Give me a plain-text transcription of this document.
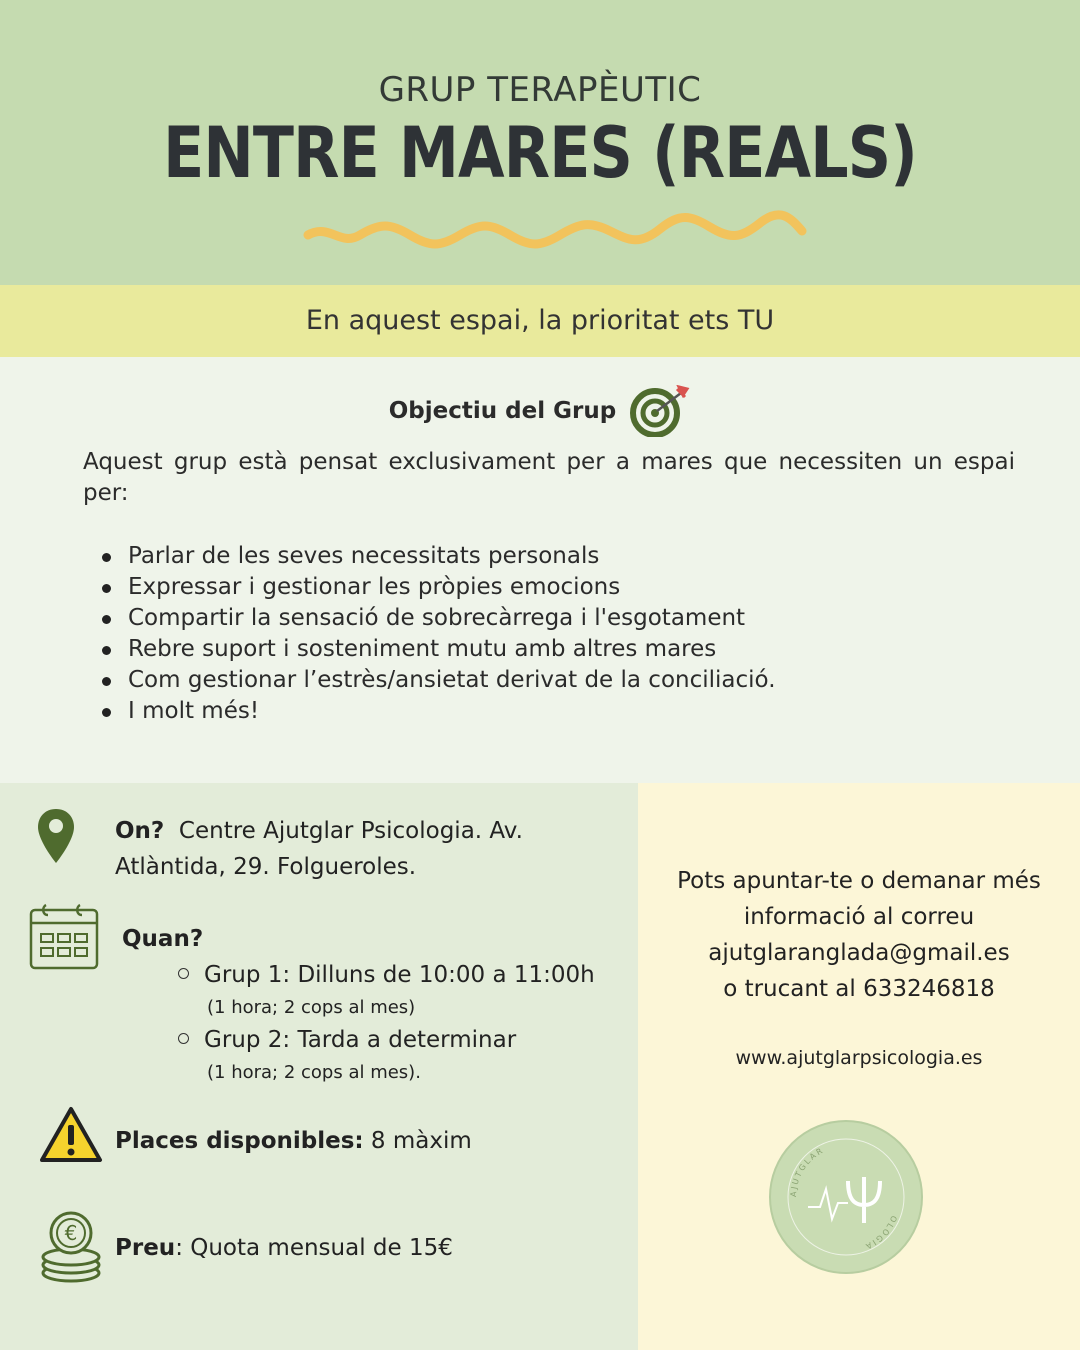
GRUP TERAPÈUTIC
ENTRE MARES (REALS)
En aquest espai, la prioritat ets TU
Objectiu del Grup
Aquest grup està pensat exclusivament per a mares que necessiten un espai per:
Parlar de les seves necessitats personals
Expressar i gestionar les pròpies emocions
Compartir la sensació de sobrecàrrega i l'esgotament
Rebre suport i sosteniment mutu amb altres mares
Com gestionar l’estrès/ansietat derivat de la conciliació.
I molt més!
On? Centre Ajutglar Psicologia. Av.
Atlàntida, 29. Folgueroles.
Quan?
Grup 1: Dilluns de 10:00 a 11:00h
(1 hora; 2 cops al mes)
Grup 2: Tarda a determinar
(1 hora; 2 cops al mes).
Places disponibles: 8 màxim
€
Preu: Quota mensual de 15€
Pots apuntar-te o demanar més
informació al correu
ajutglaranglada@gmail.es
o trucant al 633246818
www.ajutglarpsicologia.es
AJUTGLAR
OLOGIA
